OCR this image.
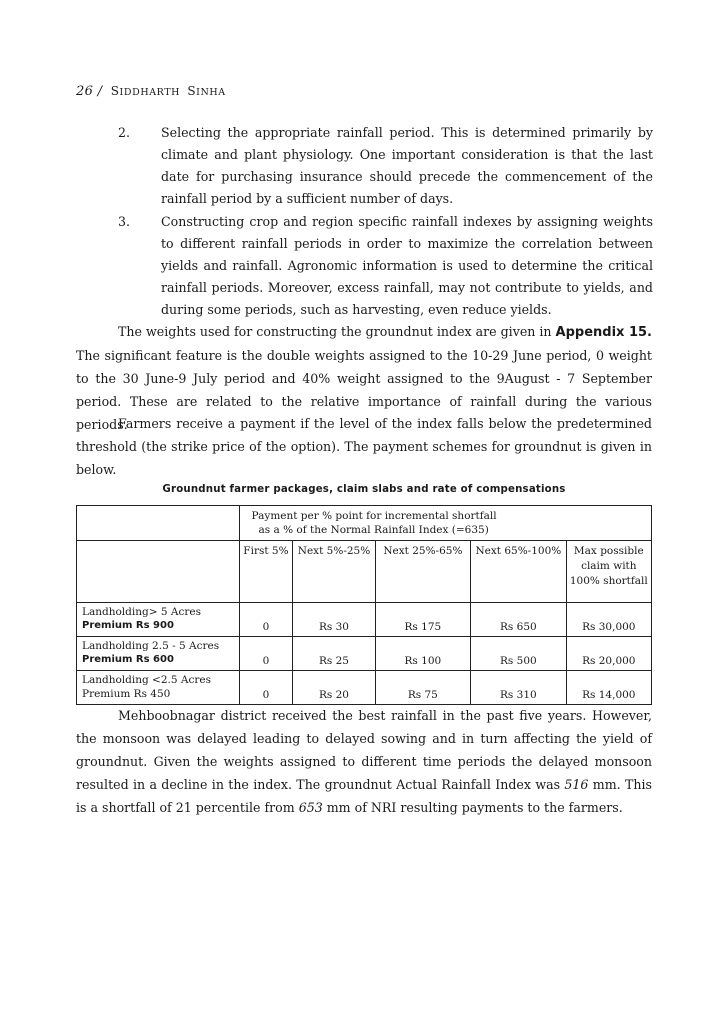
26 / SIDDHARTH SINHA
2. Selecting the appropriate rainfall period. This is determined primarily by climate and plant physiology. One important consideration is that the last date for purchasing insurance should precede the commencement of the rainfall period by a sufficient number of days.
3. Constructing crop and region specific rainfall indexes by assigning weights to different rainfall periods in order to maximize the correlation between yields and rainfall. Agronomic information is used to determine the critical rainfall periods. Moreover, excess rainfall, may not contribute to yields, and during some periods, such as harvesting, even reduce yields.
The weights used for constructing the groundnut index are given in Appendix 15. The significant feature is the double weights assigned to the 10-29 June period, 0 weight to the 30 June-9 July period and 40% weight assigned to the 9August - 7 September period. These are related to the relative importance of rainfall during the various periods.
Farmers receive a payment if the level of the index falls below the predetermined threshold (the strike price of the option). The payment schemes for groundnut is given in below.
Groundnut farmer packages, claim slabs and rate of compensations

	Payment per % point for incremental shortfall
as a % of the Normal Rainfall Index (=635)				

	First 5%	Next 5%-25%	Next 25%-65%	Next 65%-100%	Max possible
claim with
100% shortfall

Landholding> 5 Acres
Premium Rs 900	0	Rs 30	Rs 175	Rs 650	Rs 30,000

Landholding 2.5 - 5 Acres
Premium Rs 600	0	Rs 25	Rs 100	Rs 500	Rs 20,000

Landholding <2.5 Acres
Premium Rs 450	0	Rs 20	Rs 75	Rs 310	Rs 14,000
Mehboobnagar district received the best rainfall in the past five years. However, the monsoon was delayed leading to delayed sowing and in turn affecting the yield of groundnut. Given the weights assigned to different time periods the delayed monsoon resulted in a decline in the index. The groundnut Actual Rainfall Index was 516 mm. This is a shortfall of 21 percentile from 653 mm of NRI resulting payments to the farmers.
